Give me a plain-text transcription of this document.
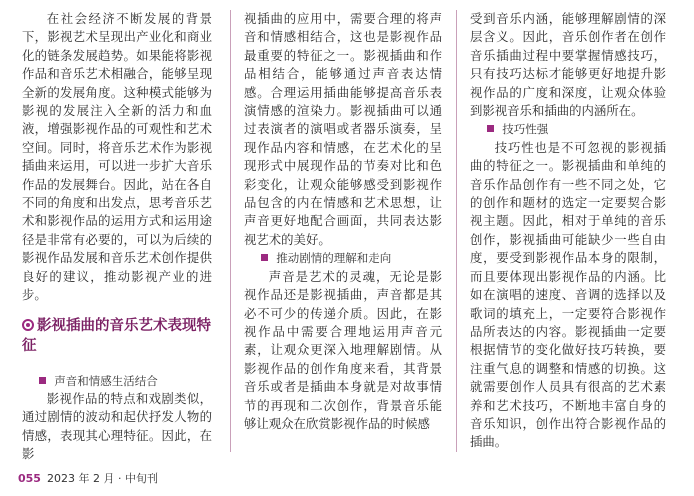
在社会经济不断发展的背景下，影视艺术呈现出产业化和商业化的链条发展趋势。如果能将影视作品和音乐艺术相融合，能够呈现全新的发展角度。这种模式能够为影视的发展注入全新的活力和血液，增强影视作品的可观性和艺术空间。同时，将音乐艺术作为影视插曲来运用，可以进一步扩大音乐作品的发展舞台。因此，站在各自不同的角度和出发点，思考音乐艺术和影视作品的运用方式和运用途径是非常有必要的，可以为后续的影视作品发展和音乐艺术创作提供良好的建议，推动影视产业的进步。

影视插曲的音乐艺术表现特征
声音和情感生活结合

影视作品的特点和戏剧类似，通过剧情的波动和起伏抒发人物的情感，表现其心理特征。因此，在影

视插曲的应用中，需要合理的将声音和情感相结合，这也是影视作品最重要的特征之一。影视插曲和作品相结合，能够通过声音表达情感。合理运用插曲能够提高音乐表演情感的渲染力。影视插曲可以通过表演者的演唱或者器乐演奏，呈现作品内容和情感，在艺术化的呈现形式中展现作品的节奏对比和色彩变化，让观众能够感受到影视作品包含的内在情感和艺术思想，让声音更好地配合画面，共同表达影视艺术的美好。

推动剧情的理解和走向

声音是艺术的灵魂，无论是影视作品还是影视插曲，声音都是其必不可少的传递介质。因此，在影视作品中需要合理地运用声音元素，让观众更深入地理解剧情。从影视作品的创作角度来看，其背景音乐或者是插曲本身就是对故事情节的再现和二次创作，背景音乐能够让观众在欣赏影视作品的时候感

受到音乐内涵，能够理解剧情的深层含义。因此，音乐创作者在创作音乐插曲过程中要掌握情感技巧，只有技巧达标才能够更好地提升影视作品的广度和深度，让观众体验到影视音乐和插曲的内涵所在。

技巧性强

技巧性也是不可忽视的影视插曲的特征之一。影视插曲和单纯的音乐作品创作有一些不同之处，它的创作和题材的选定一定要契合影视主题。因此，相对于单纯的音乐创作，影视插曲可能缺少一些自由度，要受到影视作品本身的限制，而且要体现出影视作品的内涵。比如在演唱的速度、音调的选择以及歌词的填充上，一定要符合影视作品所表达的内容。影视插曲一定要根据情节的变化做好技巧转换，要注重气息的调整和情感的切换。这就需要创作人员具有很高的艺术素养和艺术技巧，不断地丰富自身的音乐知识，创作出符合影视作品的插曲。

055 2023 年 2 月 · 中旬刊
